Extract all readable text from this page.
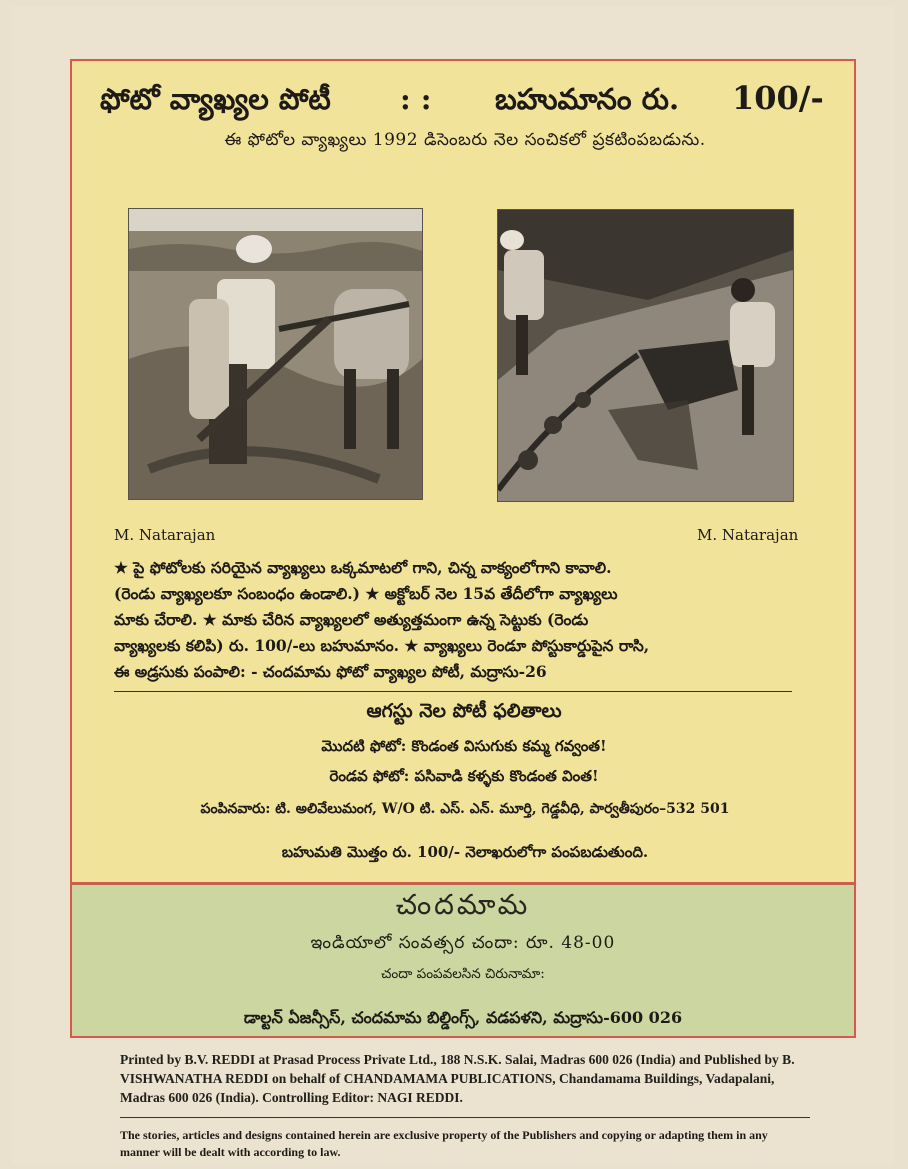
ఫోటో వ్యాఖ్యల పోటీ : : బహుమానం రు. 100/-
ఈ ఫోటోల వ్యాఖ్యలు 1992 డిసెంబరు నెల సంచికలో ప్రకటింపబడును.
M. Natarajan	M. Natarajan
★ పై ఫోటోలకు సరియైన వ్యాఖ్యలు ఒక్కమాటలో గాని, చిన్న వాక్యంలోగాని కావాలి.
(రెండు వ్యాఖ్యలకూ సంబంధం ఉండాలి.) ★ అక్టోబర్ నెల 15వ తేదీలోగా వ్యాఖ్యలు
మాకు చేరాలి. ★ మాకు చేరిన వ్యాఖ్యలలో అత్యుత్తమంగా ఉన్న సెట్టుకు (రెండు
వ్యాఖ్యలకు కలిపి) రు. 100/-లు బహుమానం. ★ వ్యాఖ్యలు రెండూ పోస్టుకార్డుపైన రాసి,
ఈ అడ్రసుకు పంపాలి: - చందమామ ఫోటో వ్యాఖ్యల పోటీ, మద్రాసు-26
ఆగస్టు నెల పోటీ ఫలితాలు
మొదటి ఫోటో: కొండంత విసుగుకు కమ్మ గవ్వంత!
రెండవ ఫోటో: పసివాడి కళ్ళకు కొండంత వింత!
పంపినవారు: టి. అలివేలుమంగ, W/O టి. ఎస్. ఎన్. మూర్తి, గెడ్డవీధి, పార్వతీపురం–532 501
బహుమతి మొత్తం రు. 100/- నెలాఖరులోగా పంపబడుతుంది.
చందమామ
ఇండియాలో సంవత్సర చందా: రూ. 48-00
చందా పంపవలసిన చిరునామా:
డాల్టన్ ఏజన్సీస్, చందమామ బిల్డింగ్స్, వడపళని, మద్రాసు-600 026
Printed by B.V. REDDI at Prasad Process Private Ltd., 188 N.S.K. Salai, Madras 600 026 (India) and Published by B. VISHWANATHA REDDI on behalf of CHANDAMAMA PUBLICATIONS, Chandamama Buildings, Vadapalani, Madras 600 026 (India). Controlling Editor: NAGI REDDI.
The stories, articles and designs contained herein are exclusive property of the Publishers and copying or adapting them in any manner will be dealt with according to law.
